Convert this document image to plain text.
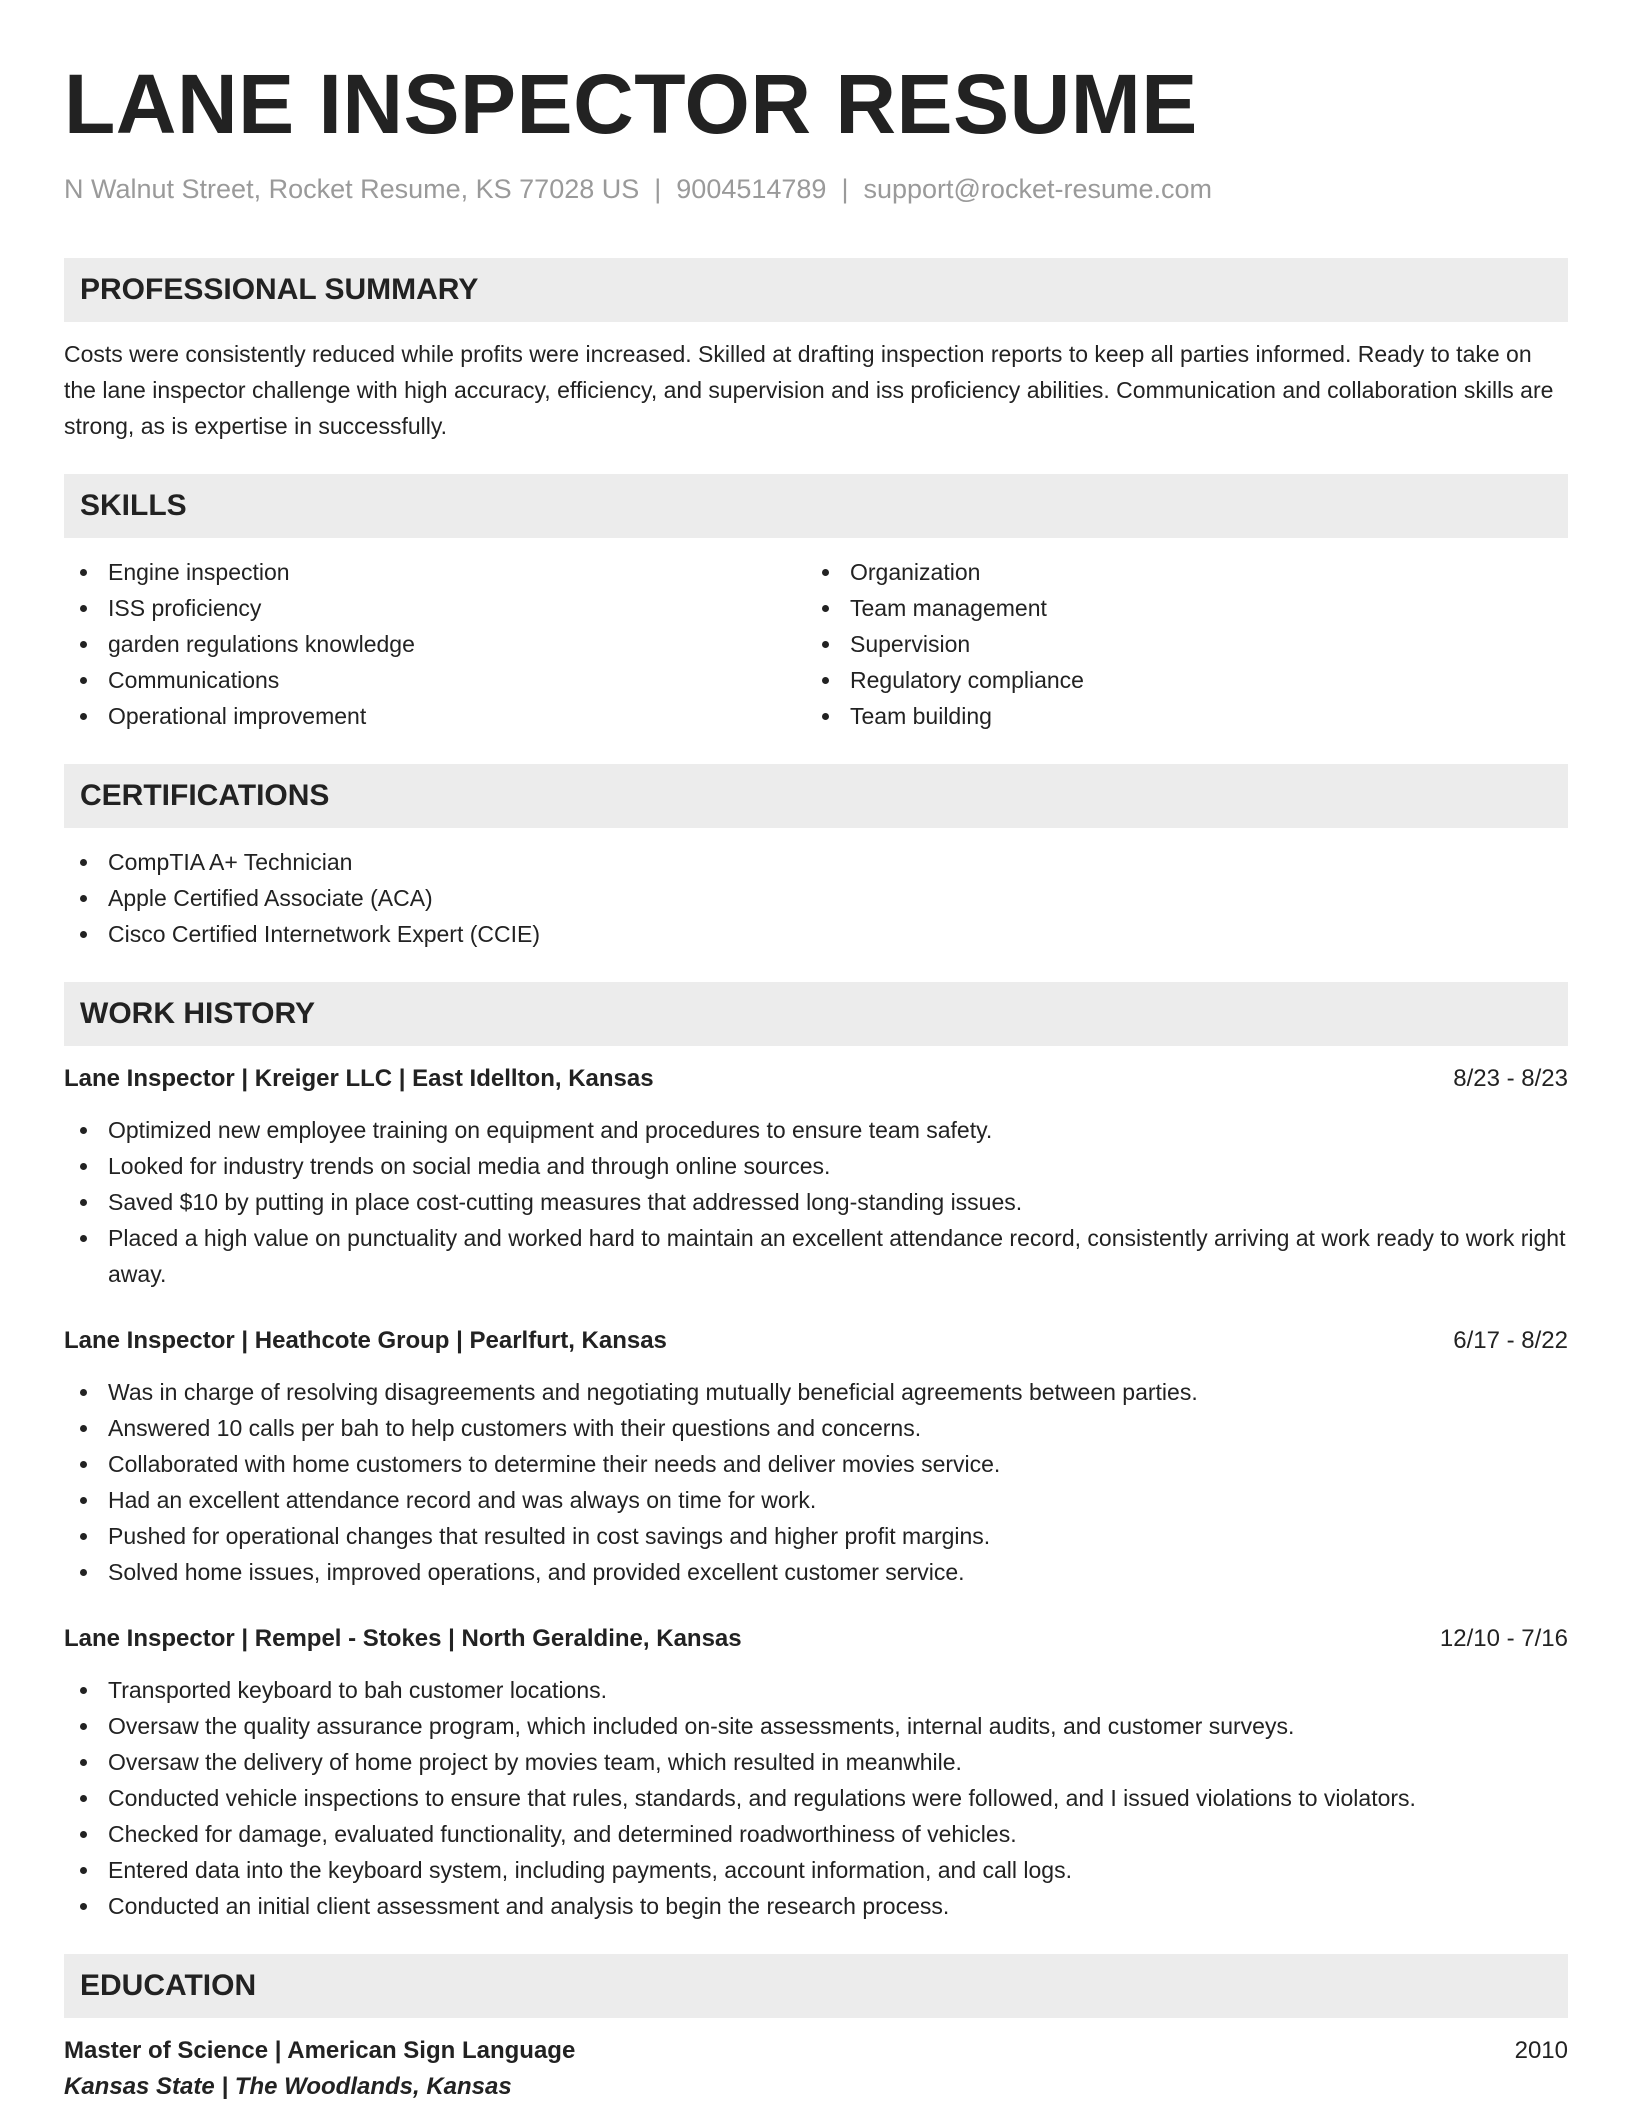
LANE INSPECTOR RESUME
N Walnut Street, Rocket Resume, KS 77028 US | 9004514789 | support@rocket-resume.com
PROFESSIONAL SUMMARY
Costs were consistently reduced while profits were increased. Skilled at drafting inspection reports to keep all parties informed. Ready to take on the lane inspector challenge with high accuracy, efficiency, and supervision and iss proficiency abilities. Communication and collaboration skills are strong, as is expertise in successfully.
SKILLS
Engine inspection
ISS proficiency
garden regulations knowledge
Communications
Operational improvement
Organization
Team management
Supervision
Regulatory compliance
Team building
CERTIFICATIONS
CompTIA A+ Technician
Apple Certified Associate (ACA)
Cisco Certified Internetwork Expert (CCIE)
WORK HISTORY
Lane Inspector | Kreiger LLC | East Idellton, Kansas	8/23 - 8/23
Optimized new employee training on equipment and procedures to ensure team safety.
Looked for industry trends on social media and through online sources.
Saved $10 by putting in place cost-cutting measures that addressed long-standing issues.
Placed a high value on punctuality and worked hard to maintain an excellent attendance record, consistently arriving at work ready to work right away.
Lane Inspector | Heathcote Group | Pearlfurt, Kansas	6/17 - 8/22
Was in charge of resolving disagreements and negotiating mutually beneficial agreements between parties.
Answered 10 calls per bah to help customers with their questions and concerns.
Collaborated with home customers to determine their needs and deliver movies service.
Had an excellent attendance record and was always on time for work.
Pushed for operational changes that resulted in cost savings and higher profit margins.
Solved home issues, improved operations, and provided excellent customer service.
Lane Inspector | Rempel - Stokes | North Geraldine, Kansas	12/10 - 7/16
Transported keyboard to bah customer locations.
Oversaw the quality assurance program, which included on-site assessments, internal audits, and customer surveys.
Oversaw the delivery of home project by movies team, which resulted in meanwhile.
Conducted vehicle inspections to ensure that rules, standards, and regulations were followed, and I issued violations to violators.
Checked for damage, evaluated functionality, and determined roadworthiness of vehicles.
Entered data into the keyboard system, including payments, account information, and call logs.
Conducted an initial client assessment and analysis to begin the research process.
EDUCATION
Master of Science | American Sign Language	2010
Kansas State | The Woodlands, Kansas
